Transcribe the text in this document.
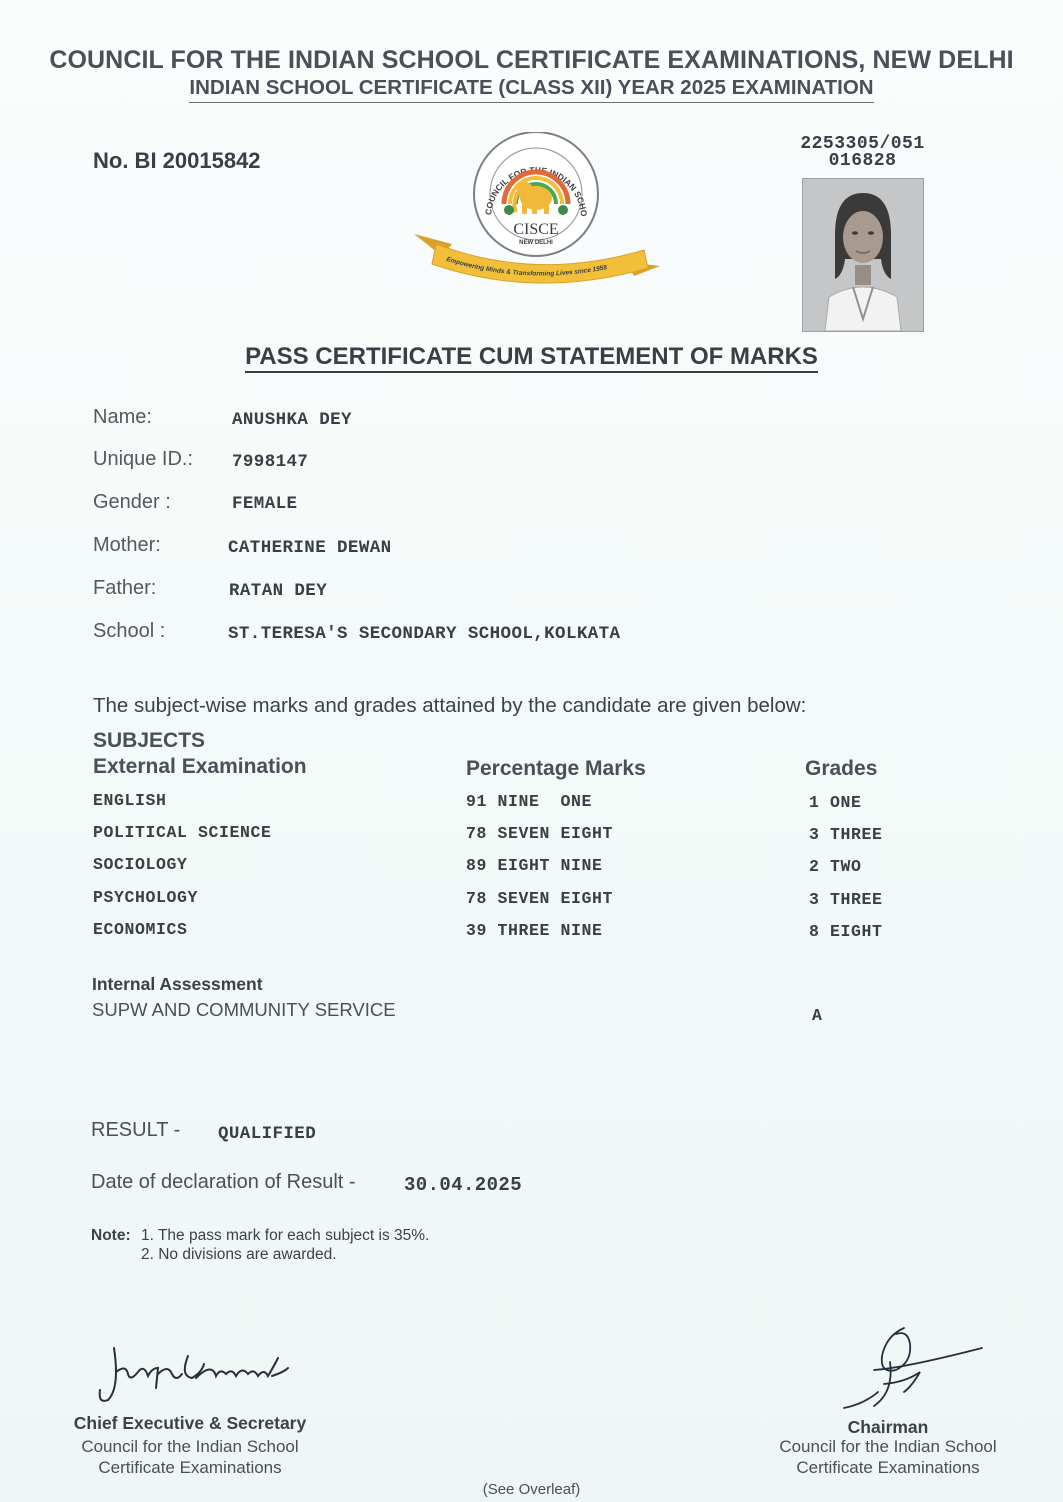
COUNCIL FOR THE INDIAN SCHOOL CERTIFICATE EXAMINATIONS, NEW DELHI
INDIAN SCHOOL CERTIFICATE (CLASS XII) YEAR 2025 EXAMINATION
No. BI 20015842
COUNCIL FOR THE INDIAN SCHO
CISCE
NEW DELHI
Empowering Minds & Transforming Lives since 1958
2253305/051
016828
PASS CERTIFICATE CUM STATEMENT OF MARKS
Name:	ANUSHKA DEY
Unique ID.: 7998147
Gender :	FEMALE
Mother:	CATHERINE DEWAN
Father:	RATAN DEY
School :	ST.TERESA'S SECONDARY SCHOOL,KOLKATA
The subject-wise marks and grades attained by the candidate are given below:
SUBJECTS
External Examination	Percentage Marks	Grades
ENGLISH	91 NINE  ONE	1 ONE
POLITICAL SCIENCE	78 SEVEN EIGHT	3 THREE
SOCIOLOGY	89 EIGHT NINE	2 TWO
PSYCHOLOGY	78 SEVEN EIGHT	3 THREE
ECONOMICS	39 THREE NINE	8 EIGHT
Internal Assessment
SUPW AND COMMUNITY SERVICE	A
RESULT - QUALIFIED
Date of declaration of Result -	30.04.2025
Note: 1. The pass mark for each subject is 35%.
2. No divisions are awarded.
Chief Executive & Secretary
Council for the Indian School
Certificate Examinations
Chairman
Council for the Indian School
Certificate Examinations
(See Overleaf)
